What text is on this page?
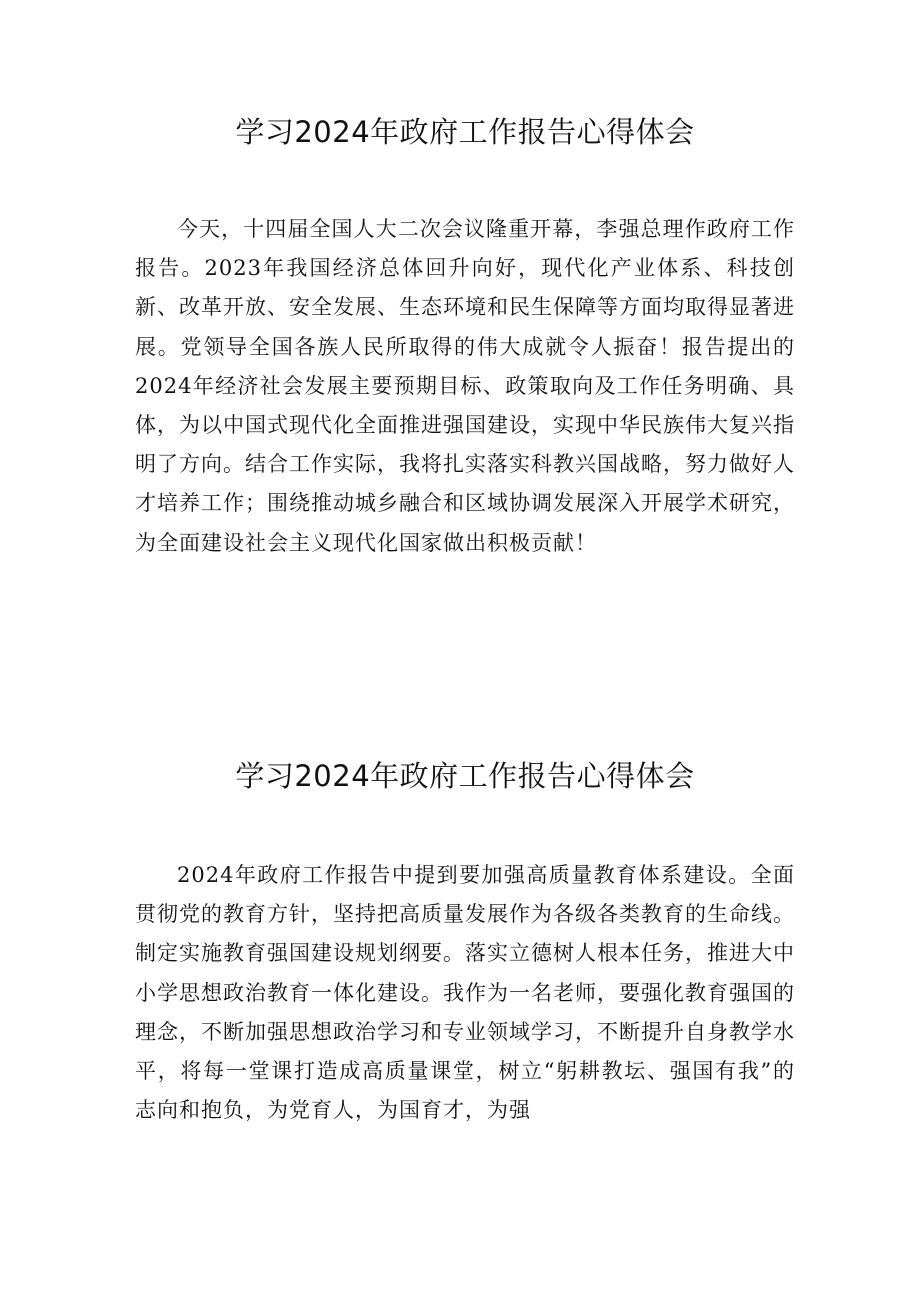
学习2024年政府工作报告心得体会

今天，十四届全国人大二次会议隆重开幕，李强总理作政府工作报告。2023年我国经济总体回升向好，现代化产业体系、科技创新、改革开放、安全发展、生态环境和民生保障等方面均取得显著进展。党领导全国各族人民所取得的伟大成就令人振奋！报告提出的2024年经济社会发展主要预期目标、政策取向及工作任务明确、具体，为以中国式现代化全面推进强国建设，实现中华民族伟大复兴指明了方向。结合工作实际，我将扎实落实科教兴国战略，努力做好人才培养工作；围绕推动城乡融合和区域协调发展深入开展学术研究，为全面建设社会主义现代化国家做出积极贡献！

学习2024年政府工作报告心得体会

2024年政府工作报告中提到要加强高质量教育体系建设。全面贯彻党的教育方针，坚持把高质量发展作为各级各类教育的生命线。制定实施教育强国建设规划纲要。落实立德树人根本任务，推进大中小学思想政治教育一体化建设。我作为一名老师，要强化教育强国的理念，不断加强思想政治学习和专业领域学习，不断提升自身教学水平，将每一堂课打造成高质量课堂，树立“躬耕教坛、强国有我”的志向和抱负，为党育人，为国育才，为强
